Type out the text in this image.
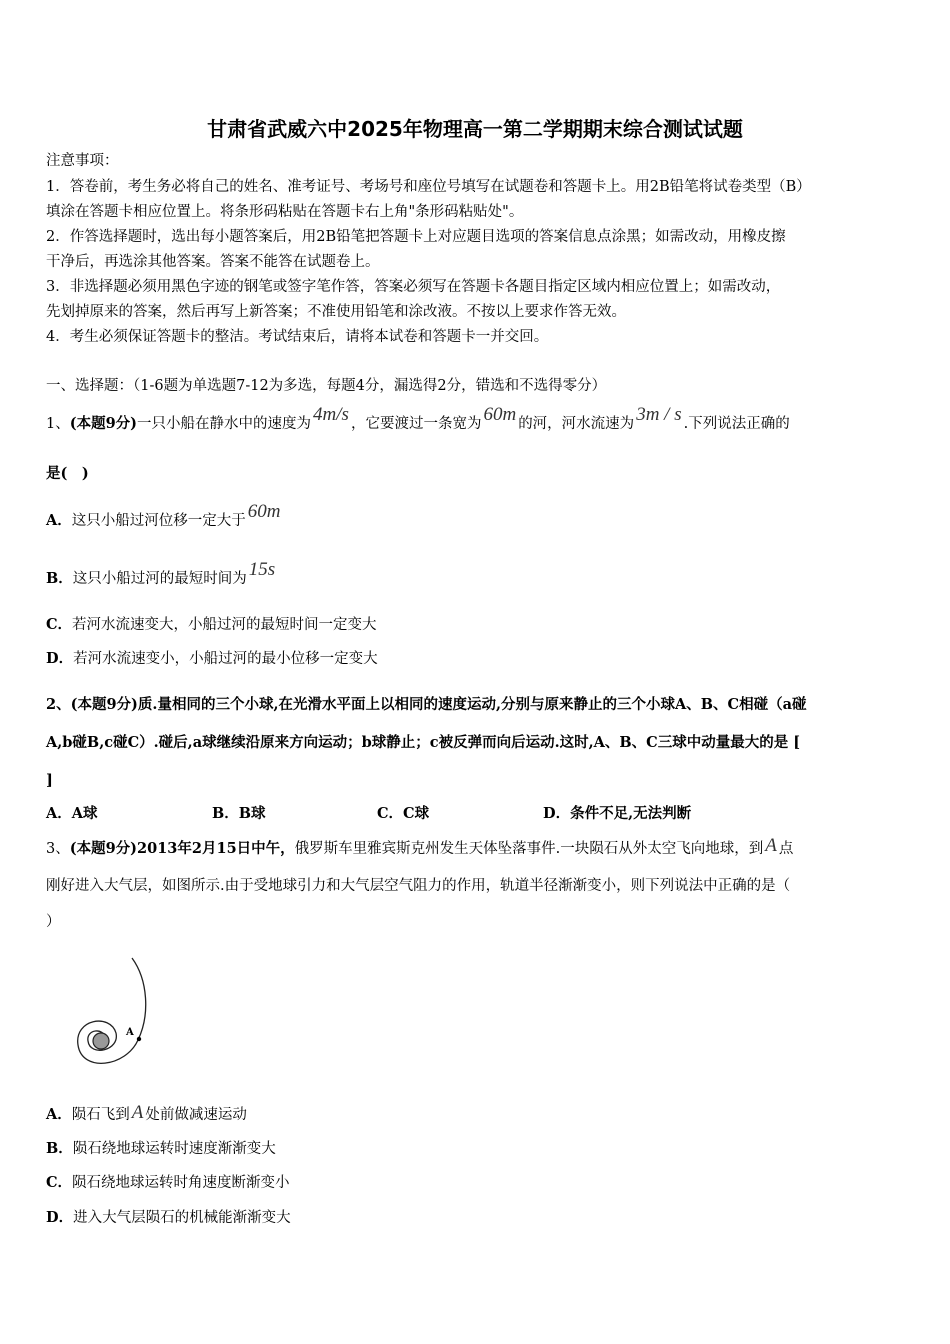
甘肃省武威六中2025年物理高一第二学期期末综合测试试题
注意事项：
1．答卷前，考生务必将自己的姓名、准考证号、考场号和座位号填写在试题卷和答题卡上。用2B铅笔将试卷类型（B）
填涂在答题卡相应位置上。将条形码粘贴在答题卡右上角"条形码粘贴处"。
2．作答选择题时，选出每小题答案后，用2B铅笔把答题卡上对应题目选项的答案信息点涂黑；如需改动，用橡皮擦
干净后，再选涂其他答案。答案不能答在试题卷上。
3．非选择题必须用黑色字迹的钢笔或签字笔作答，答案必须写在答题卡各题目指定区域内相应位置上；如需改动，
先划掉原来的答案，然后再写上新答案；不准使用铅笔和涂改液。不按以上要求作答无效。
4．考生必须保证答题卡的整洁。考试结束后，请将本试卷和答题卡一并交回。
一、选择题：（1-6题为单选题7-12为多选，每题4分，漏选得2分，错选和不选得零分）
1、(本题9分)一只小船在静水中的速度为 4m/s ，它要渡过一条宽为 60m 的河，河水流速为 3m / s .下列说法正确的
是(　)
A．这只小船过河位移一定大于 60m
B．这只小船过河的最短时间为 15s
C．若河水流速变大，小船过河的最短时间一定变大
D．若河水流速变小，小船过河的最小位移一定变大
2、(本题9分)质.量相同的三个小球,在光滑水平面上以相同的速度运动,分别与原来静止的三个小球A、B、C相碰（a碰
A,b碰B,c碰C）.碰后,a球继续沿原来方向运动；b球静止；c被反弹而向后运动.这时,A、B、C三球中动量最大的是 [
]
A．A球	B．B球	C．C球	D．条件不足,无法判断
3、(本题9分)2013年2月15日中午，俄罗斯车里雅宾斯克州发生天体坠落事件.一块陨石从外太空飞向地球，到 A 点
刚好进入大气层，如图所示.由于受地球引力和大气层空气阻力的作用，轨道半径渐渐变小，则下列说法中正确的是（
）
A
A．陨石飞到 A 处前做减速运动
B．陨石绕地球运转时速度渐渐变大
C．陨石绕地球运转时角速度断渐变小
D．进入大气层陨石的机械能渐渐变大
